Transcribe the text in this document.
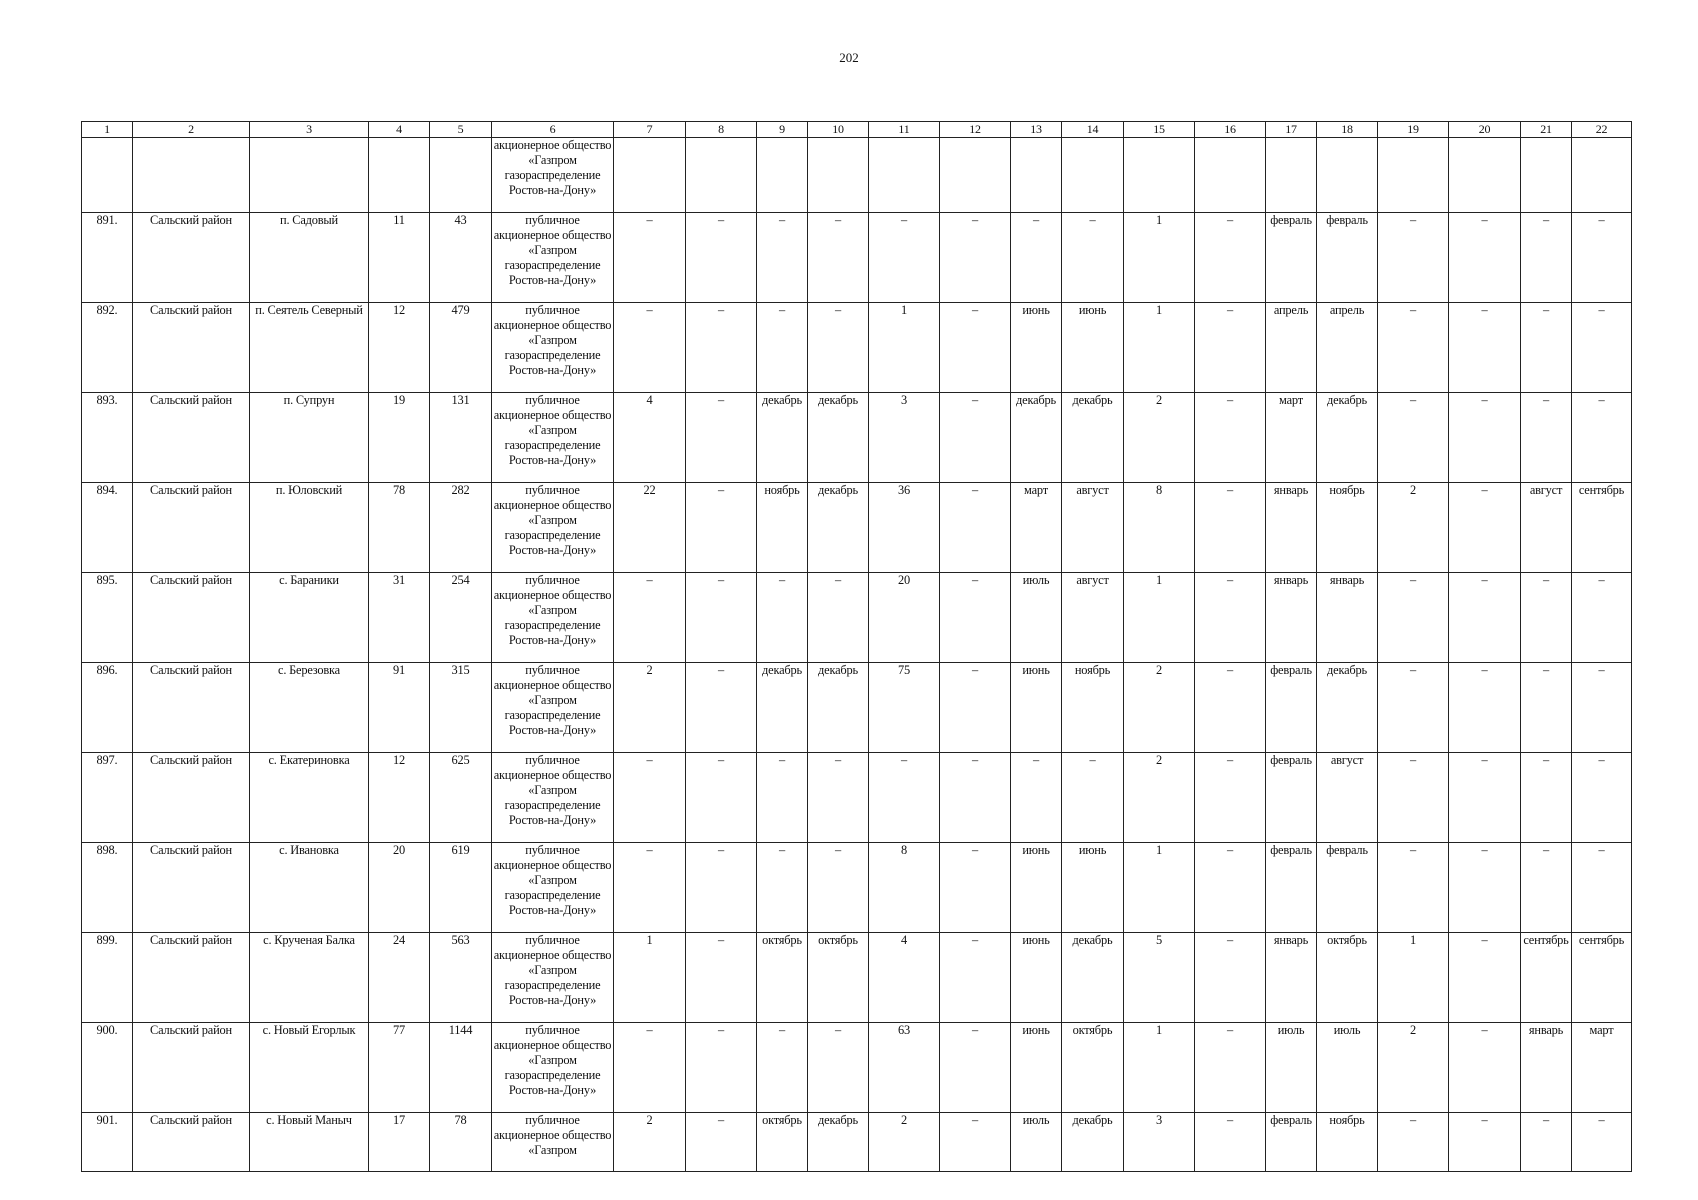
202
1	2	3	4	5	6	7	8	9	10	11	12	13	14	15	16	17	18	19	20	21	22
					акционерное общество «Газпром газораспределение Ростов-на-Дону»																
891.	Сальский район	п. Садовый	11	43	публичное акционерное общество «Газпром газораспределение Ростов-на-Дону»	–	–	–	–	–	–	–	–	1	–	февраль	февраль	–	–	–	–
892.	Сальский район	п. Сеятель Северный	12	479	публичное акционерное общество «Газпром газораспределение Ростов-на-Дону»	–	–	–	–	1	–	июнь	июнь	1	–	апрель	апрель	–	–	–	–
893.	Сальский район	п. Супрун	19	131	публичное акционерное общество «Газпром газораспределение Ростов-на-Дону»	4	–	декабрь	декабрь	3	–	декабрь	декабрь	2	–	март	декабрь	–	–	–	–
894.	Сальский район	п. Юловский	78	282	публичное акционерное общество «Газпром газораспределение Ростов-на-Дону»	22	–	ноябрь	декабрь	36	–	март	август	8	–	январь	ноябрь	2	–	август	сентябрь
895.	Сальский район	с. Бараники	31	254	публичное акционерное общество «Газпром газораспределение Ростов-на-Дону»	–	–	–	–	20	–	июль	август	1	–	январь	январь	–	–	–	–
896.	Сальский район	с. Березовка	91	315	публичное акционерное общество «Газпром газораспределение Ростов-на-Дону»	2	–	декабрь	декабрь	75	–	июнь	ноябрь	2	–	февраль	декабрь	–	–	–	–
897.	Сальский район	с. Екатериновка	12	625	публичное акционерное общество «Газпром газораспределение Ростов-на-Дону»	–	–	–	–	–	–	–	–	2	–	февраль	август	–	–	–	–
898.	Сальский район	с. Ивановка	20	619	публичное акционерное общество «Газпром газораспределение Ростов-на-Дону»	–	–	–	–	8	–	июнь	июнь	1	–	февраль	февраль	–	–	–	–
899.	Сальский район	с. Крученая Балка	24	563	публичное акционерное общество «Газпром газораспределение Ростов-на-Дону»	1	–	октябрь	октябрь	4	–	июнь	декабрь	5	–	январь	октябрь	1	–	сентябрь	сентябрь
900.	Сальский район	с. Новый Егорлык	77	1144	публичное акционерное общество «Газпром газораспределение Ростов-на-Дону»	–	–	–	–	63	–	июнь	октябрь	1	–	июль	июль	2	–	январь	март
901.	Сальский район	с. Новый Маныч	17	78	публичное акционерное общество «Газпром	2	–	октябрь	декабрь	2	–	июль	декабрь	3	–	февраль	ноябрь	–	–	–	–
